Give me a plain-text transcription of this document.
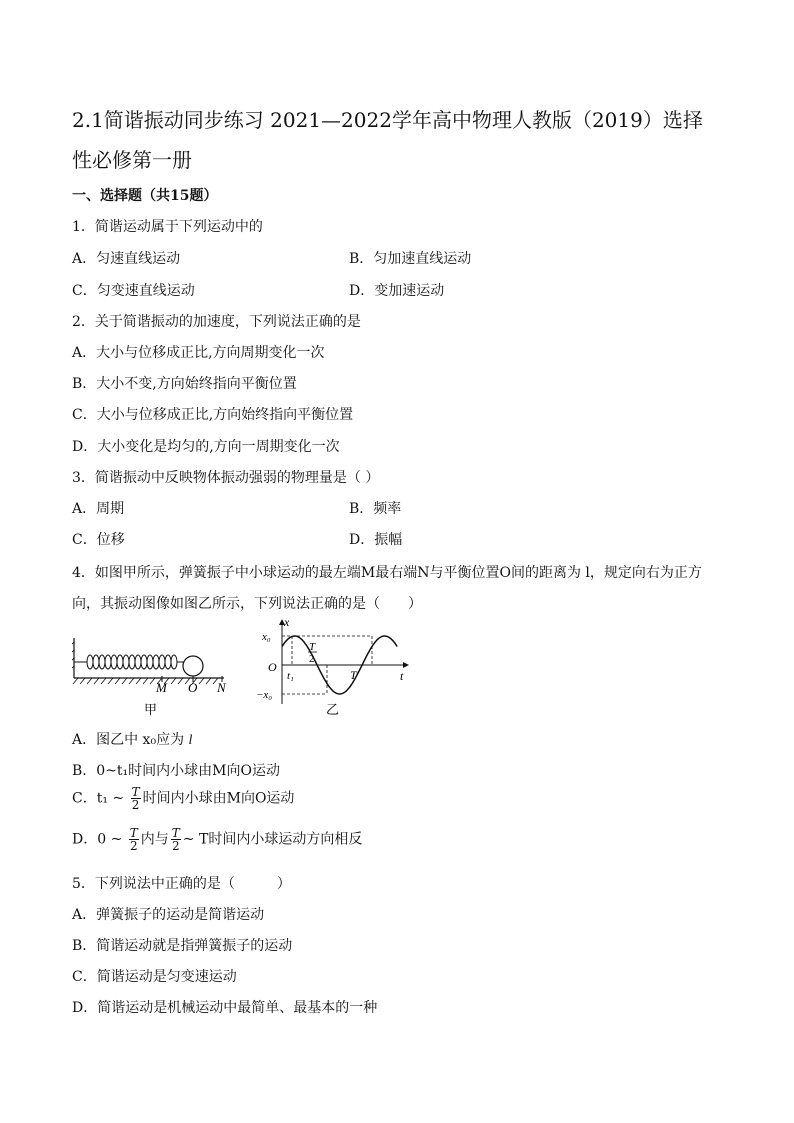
2.1简谐振动同步练习 2021—2022学年高中物理人教版（2019）选择性必修第一册
一、选择题（共15题）
1．简谐运动属于下列运动中的
A．匀速直线运动	B．匀加速直线运动
C．匀变速直线运动	D．变加速运动
2．关于简谐振动的加速度，下列说法正确的是
A．大小与位移成正比,方向周期变化一次
B．大小不变,方向始终指向平衡位置
C．大小与位移成正比,方向始终指向平衡位置
D．大小变化是均匀的,方向一周期变化一次
3．简谐振动中反映物体振动强弱的物理量是（ ）
A．周期	B．频率
C．位移	D．振幅
4．如图甲所示，弹簧振子中小球运动的最左端M最右端N与平衡位置O间的距离为 l，规定向右为正方
向，其振动图像如图乙所示，下列说法正确的是（　　）
M O N
甲
x
x₀
−x₀
O
t₁
T
2
T	t
乙
A．图乙中 x₀应为 l
B．0~t₁时间内小球由M向O运动
C．t₁ ~ $\frac{T}{2}$ 时间内小球由M向O运动
D．0 ~ $\frac{T}{2}$ 内与 $\frac{T}{2}$ ~ T时间内小球运动方向相反
5．下列说法中正确的是（　　　）
A．弹簧振子的运动是简谐运动
B．简谐运动就是指弹簧振子的运动
C．简谐运动是匀变速运动
D．简谐运动是机械运动中最简单、最基本的一种
